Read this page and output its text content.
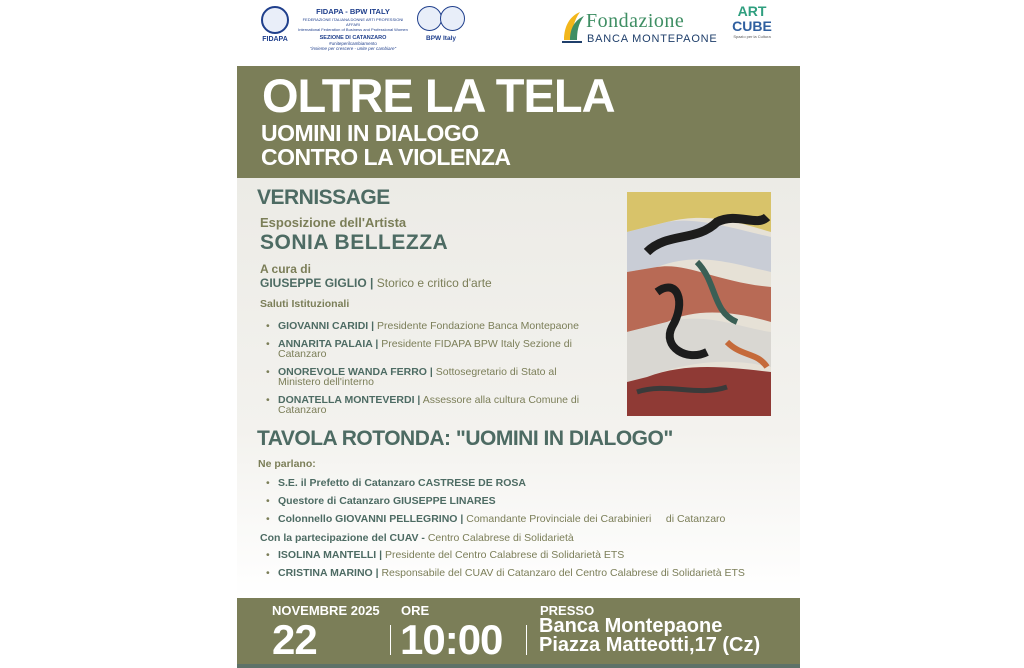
FIDAPA
FIDAPA - BPW ITALY
FEDERAZIONE ITALIANA DONNE ARTI PROFESSIONI AFFARI
International Federation of Business and Professional Women
SEZIONE DI CATANZARO
#uniteperilcambiamento
"insieme per crescere - unite per cambiare"
BPW Italy
Fondazione
BANCA MONTEPAONE
ART
CUBE
Spazio per la Cultura
OLTRE LA TELA
UOMINI IN DIALOGO
CONTRO LA VIOLENZA
VERNISSAGE
Esposizione dell'Artista
SONIA BELLEZZA
A cura di
GIUSEPPE GIGLIO | Storico e critico d'arte
Saluti Istituzionali
• GIOVANNI CARIDI | Presidente Fondazione Banca Montepaone
• ANNARITA PALAIA | Presidente FIDAPA BPW Italy Sezione di Catanzaro
• ONOREVOLE WANDA FERRO | Sottosegretario di Stato al Ministero dell'interno
• DONATELLA MONTEVERDI | Assessore alla cultura Comune di Catanzaro
TAVOLA ROTONDA: "UOMINI IN DIALOGO"
Ne parlano:
• S.E. il Prefetto di Catanzaro CASTRESE DE ROSA
• Questore di Catanzaro GIUSEPPE LINARES
• Colonnello GIOVANNI PELLEGRINO | Comandante Provinciale dei Carabinieri     di Catanzaro
Con la partecipazione del CUAV - Centro Calabrese di Solidarietà
• ISOLINA MANTELLI | Presidente del Centro Calabrese di Solidarietà ETS
• CRISTINA MARINO | Responsabile del CUAV di Catanzaro del Centro Calabrese di Solidarietà ETS
NOVEMBRE 2025
22
ORE
10:00
PRESSO
Banca Montepaone
Piazza Matteotti,17 (Cz)
